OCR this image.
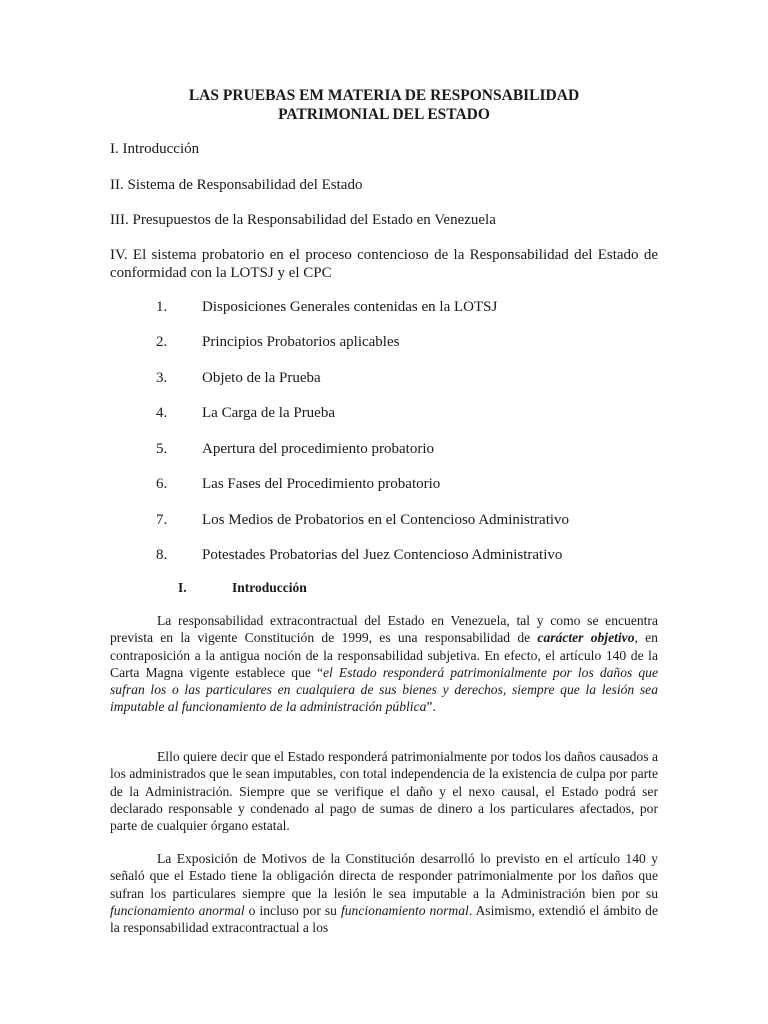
LAS PRUEBAS EM MATERIA DE RESPONSABILIDAD
PATRIMONIAL DEL ESTADO

I. Introducción

II. Sistema de Responsabilidad del Estado

III. Presupuestos de la Responsabilidad del Estado en Venezuela

IV. El sistema probatorio en el proceso contencioso de la Responsabilidad del Estado de conformidad con la LOTSJ y el CPC

1. Disposiciones Generales contenidas en la LOTSJ
2. Principios Probatorios aplicables
3. Objeto de la Prueba
4. La Carga de la Prueba
5. Apertura del procedimiento probatorio
6. Las Fases del Procedimiento probatorio
7. Los Medios de Probatorios en el Contencioso Administrativo
8. Potestades Probatorias del Juez Contencioso Administrativo
I.	Introducción

La responsabilidad extracontractual del Estado en Venezuela, tal y como se encuentra prevista en la vigente Constitución de 1999, es una responsabilidad de carácter objetivo, en contraposición a la antigua noción de la responsabilidad subjetiva. En efecto, el artículo 140 de la Carta Magna vigente establece que “el Estado responderá patrimonialmente por los daños que sufran los o las particulares en cualquiera de sus bienes y derechos, siempre que la lesión sea imputable al funcionamiento de la administración pública”.

Ello quiere decir que el Estado responderá patrimonialmente por todos los daños causados a los administrados que le sean imputables, con total independencia de la existencia de culpa por parte de la Administración. Siempre que se verifique el daño y el nexo causal, el Estado podrá ser declarado responsable y condenado al pago de sumas de dinero a los particulares afectados, por parte de cualquier órgano estatal.

La Exposición de Motivos de la Constitución desarrolló lo previsto en el artículo 140 y señaló que el Estado tiene la obligación directa de responder patrimonialmente por los daños que sufran los particulares siempre que la lesión le sea imputable a la Administración bien por su funcionamiento anormal o incluso por su funcionamiento normal. Asimismo, extendió el ámbito de la responsabilidad extracontractual a los
